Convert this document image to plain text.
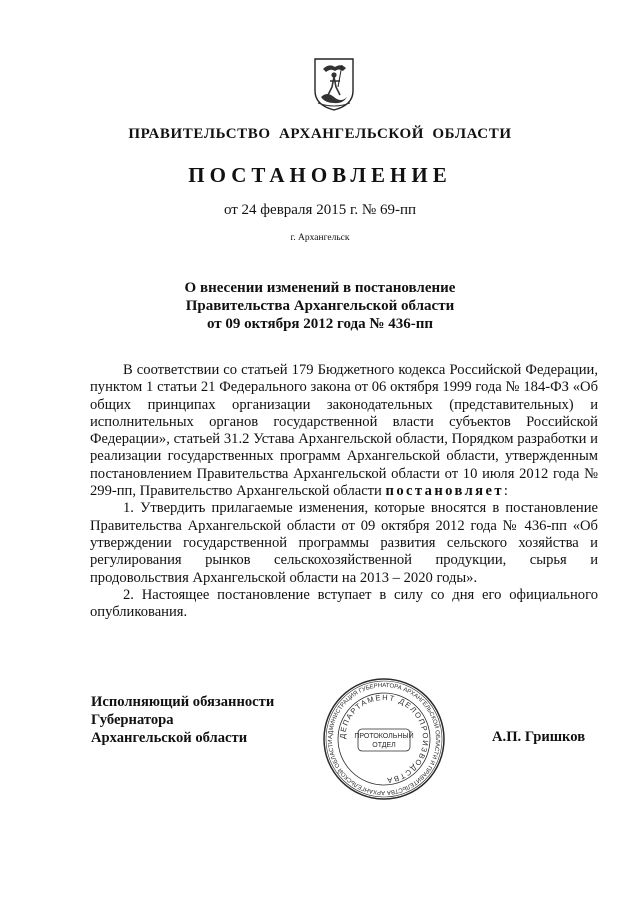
ПРАВИТЕЛЬСТВО АРХАНГЕЛЬСКОЙ ОБЛАСТИ
ПОСТАНОВЛЕНИЕ
от 24 февраля 2015 г. № 69-пп
г. Архангельск
О внесении изменений в постановление
Правительства Архангельской области
от 09 октября 2012 года № 436-пп

В соответствии со статьей 179 Бюджетного кодекса Российской Федерации, пунктом 1 статьи 21 Федерального закона от 06 октября 1999 года № 184-ФЗ «Об общих принципах организации законодательных (представительных) и исполнительных органов государственной власти субъектов Российской Федерации», статьей 31.2 Устава Архангельской области, Порядком разработки и реализации государственных программ Архангельской области, утвержденным постановлением Правительства Архангельской области от 10 июля 2012 года № 299-пп, Правительство Архангельской области постановляет:

1. Утвердить прилагаемые изменения, которые вносятся в постановление Правительства Архангельской области от 09 октября 2012 года № 436-пп «Об утверждении государственной программы развития сельского хозяйства и регулирования рынков сельскохозяйственной продукции, сырья и продовольствия Архангельской области на 2013 – 2020 годы».

2. Настоящее постановление вступает в силу со дня его официального опубликования.

Исполняющий обязанности
Губернатора
Архангельской области	АДМИНИСТРАЦИЯ ГУБЕРНАТОРА АРХАНГЕЛЬСКОЙ ОБЛАСТИ И ПРАВИТЕЛЬСТВА АРХАНГЕЛЬСКОЙ ОБЛАСТИ
ДЕПАРТАМЕНТ ДЕЛОПРОИЗВОДСТВА
ПРОТОКОЛЬНЫЙ
ОТДЕЛ
А.П. Гришков
